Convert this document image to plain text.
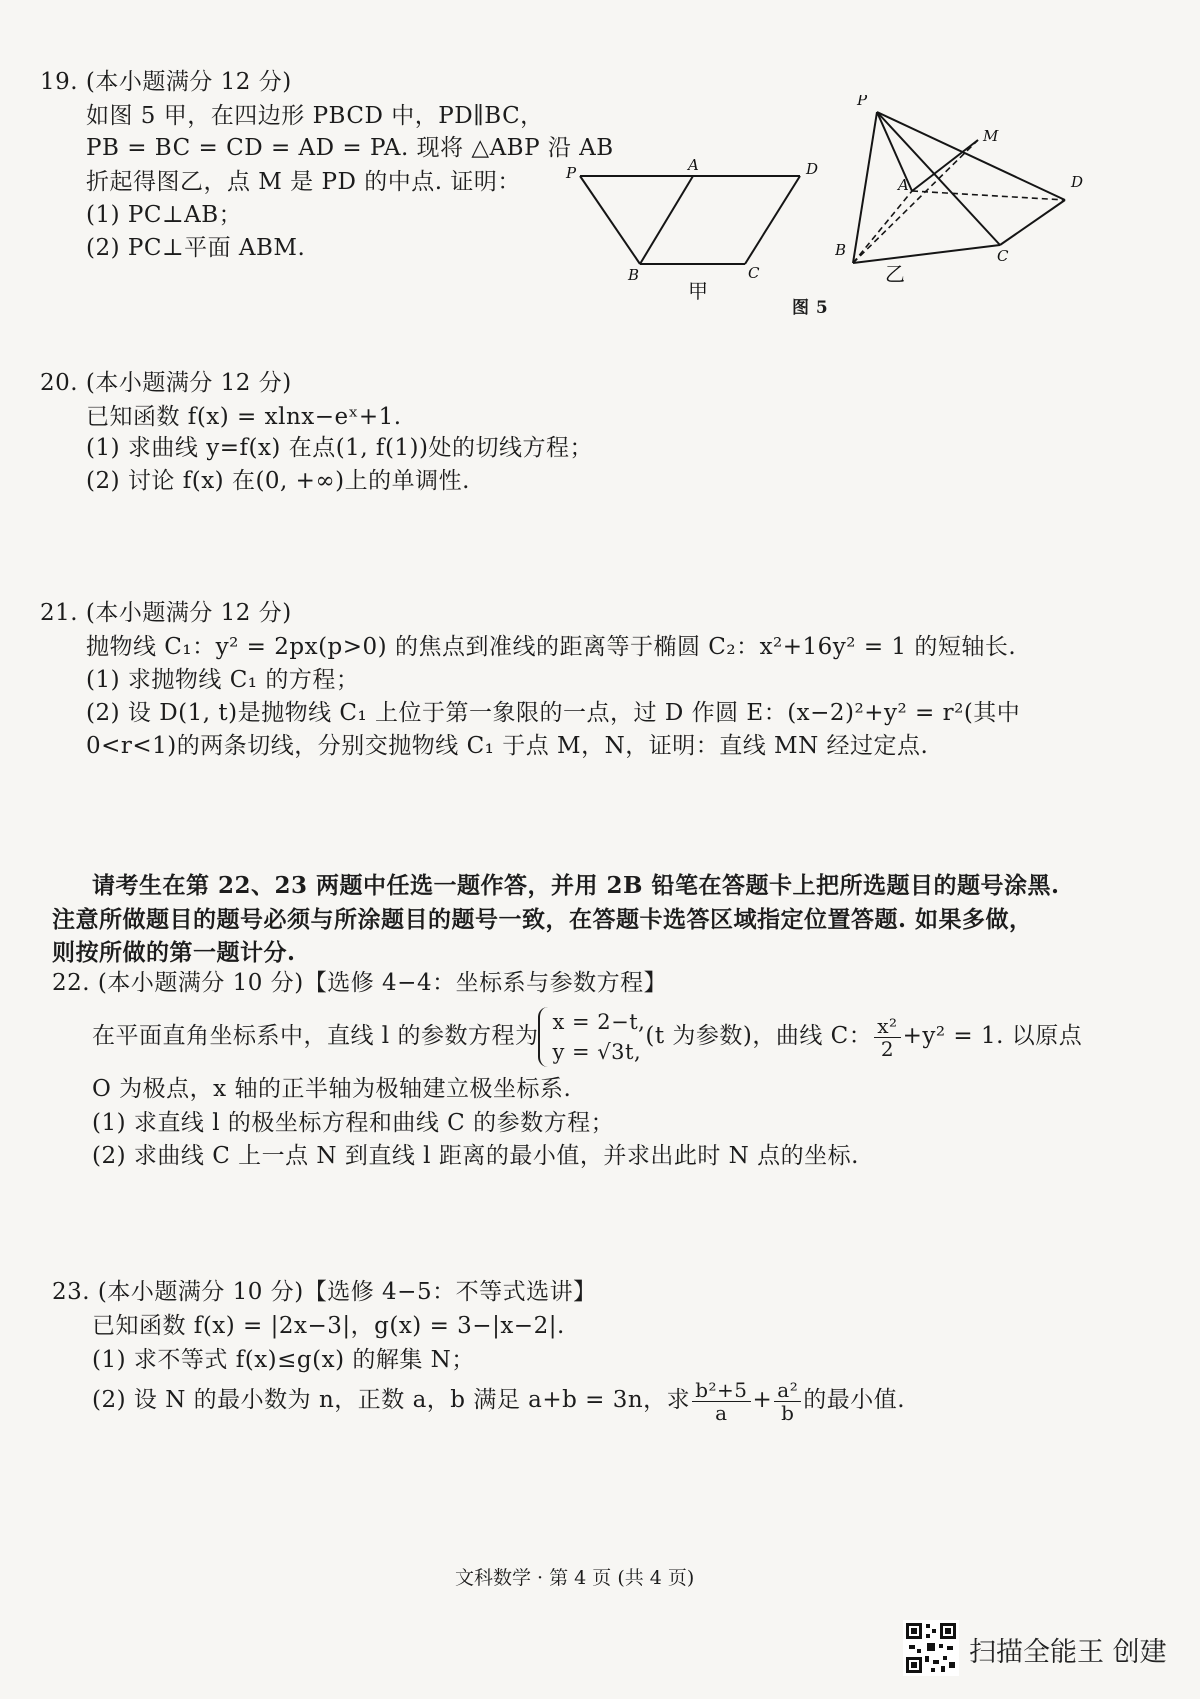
19. (本小题满分 12 分)
如图 5 甲，在四边形 PBCD 中，PD∥BC，
PB = BC = CD = AD = PA. 现将 △ABP 沿 AB
折起得图乙，点 M 是 PD 的中点. 证明：
(1) PC⊥AB；
(2) PC⊥平面 ABM.
P	A	D
B	C
甲
P
M
A	D
B	C
乙
图 5
20. (本小题满分 12 分)
已知函数 f(x) = xlnx−eˣ+1.
(1) 求曲线 y=f(x) 在点(1, f(1))处的切线方程；
(2) 讨论 f(x) 在(0, +∞)上的单调性.
21. (本小题满分 12 分)
抛物线 C₁：y² = 2px(p>0) 的焦点到准线的距离等于椭圆 C₂：x²+16y² = 1 的短轴长.
(1) 求抛物线 C₁ 的方程；
(2) 设 D(1, t)是抛物线 C₁ 上位于第一象限的一点，过 D 作圆 E：(x−2)²+y² = r²(其中
0<r<1)的两条切线，分别交抛物线 C₁ 于点 M，N，证明：直线 MN 经过定点.
请考生在第 22、23 两题中任选一题作答，并用 2B 铅笔在答题卡上把所选题目的题号涂黑.
注意所做题目的题号必须与所涂题目的题号一致，在答题卡选答区域指定位置答题. 如果多做，
则按所做的第一题计分.
22. (本小题满分 10 分)【选修 4−4：坐标系与参数方程】
在平面直角坐标系中，直线 l 的参数方程为
x = 2−t,
y = √3t,
(t 为参数)，曲线 C： $\frac{\text{x²}}{2} +y^2 = 1$. 以原点
O 为极点，x 轴的正半轴为极轴建立极坐标系.
(1) 求直线 l 的极坐标方程和曲线 C 的参数方程；
(2) 求曲线 C 上一点 N 到直线 l 距离的最小值，并求出此时 N 点的坐标.
23. (本小题满分 10 分)【选修 4−5：不等式选讲】
已知函数 f(x) = |2x−3|，g(x) = 3−|x−2|.
(1) 求不等式 f(x)≤g(x) 的解集 N；
(2) 设 N 的最小数为 n，正数 a，b 满足 a+b = 3n，求 $\frac{\text{b²+5}}{a} + \frac{\text{a²}}{b}$ 的最小值.
文科数学 · 第 4 页 (共 4 页)
扫描全能王 创建
